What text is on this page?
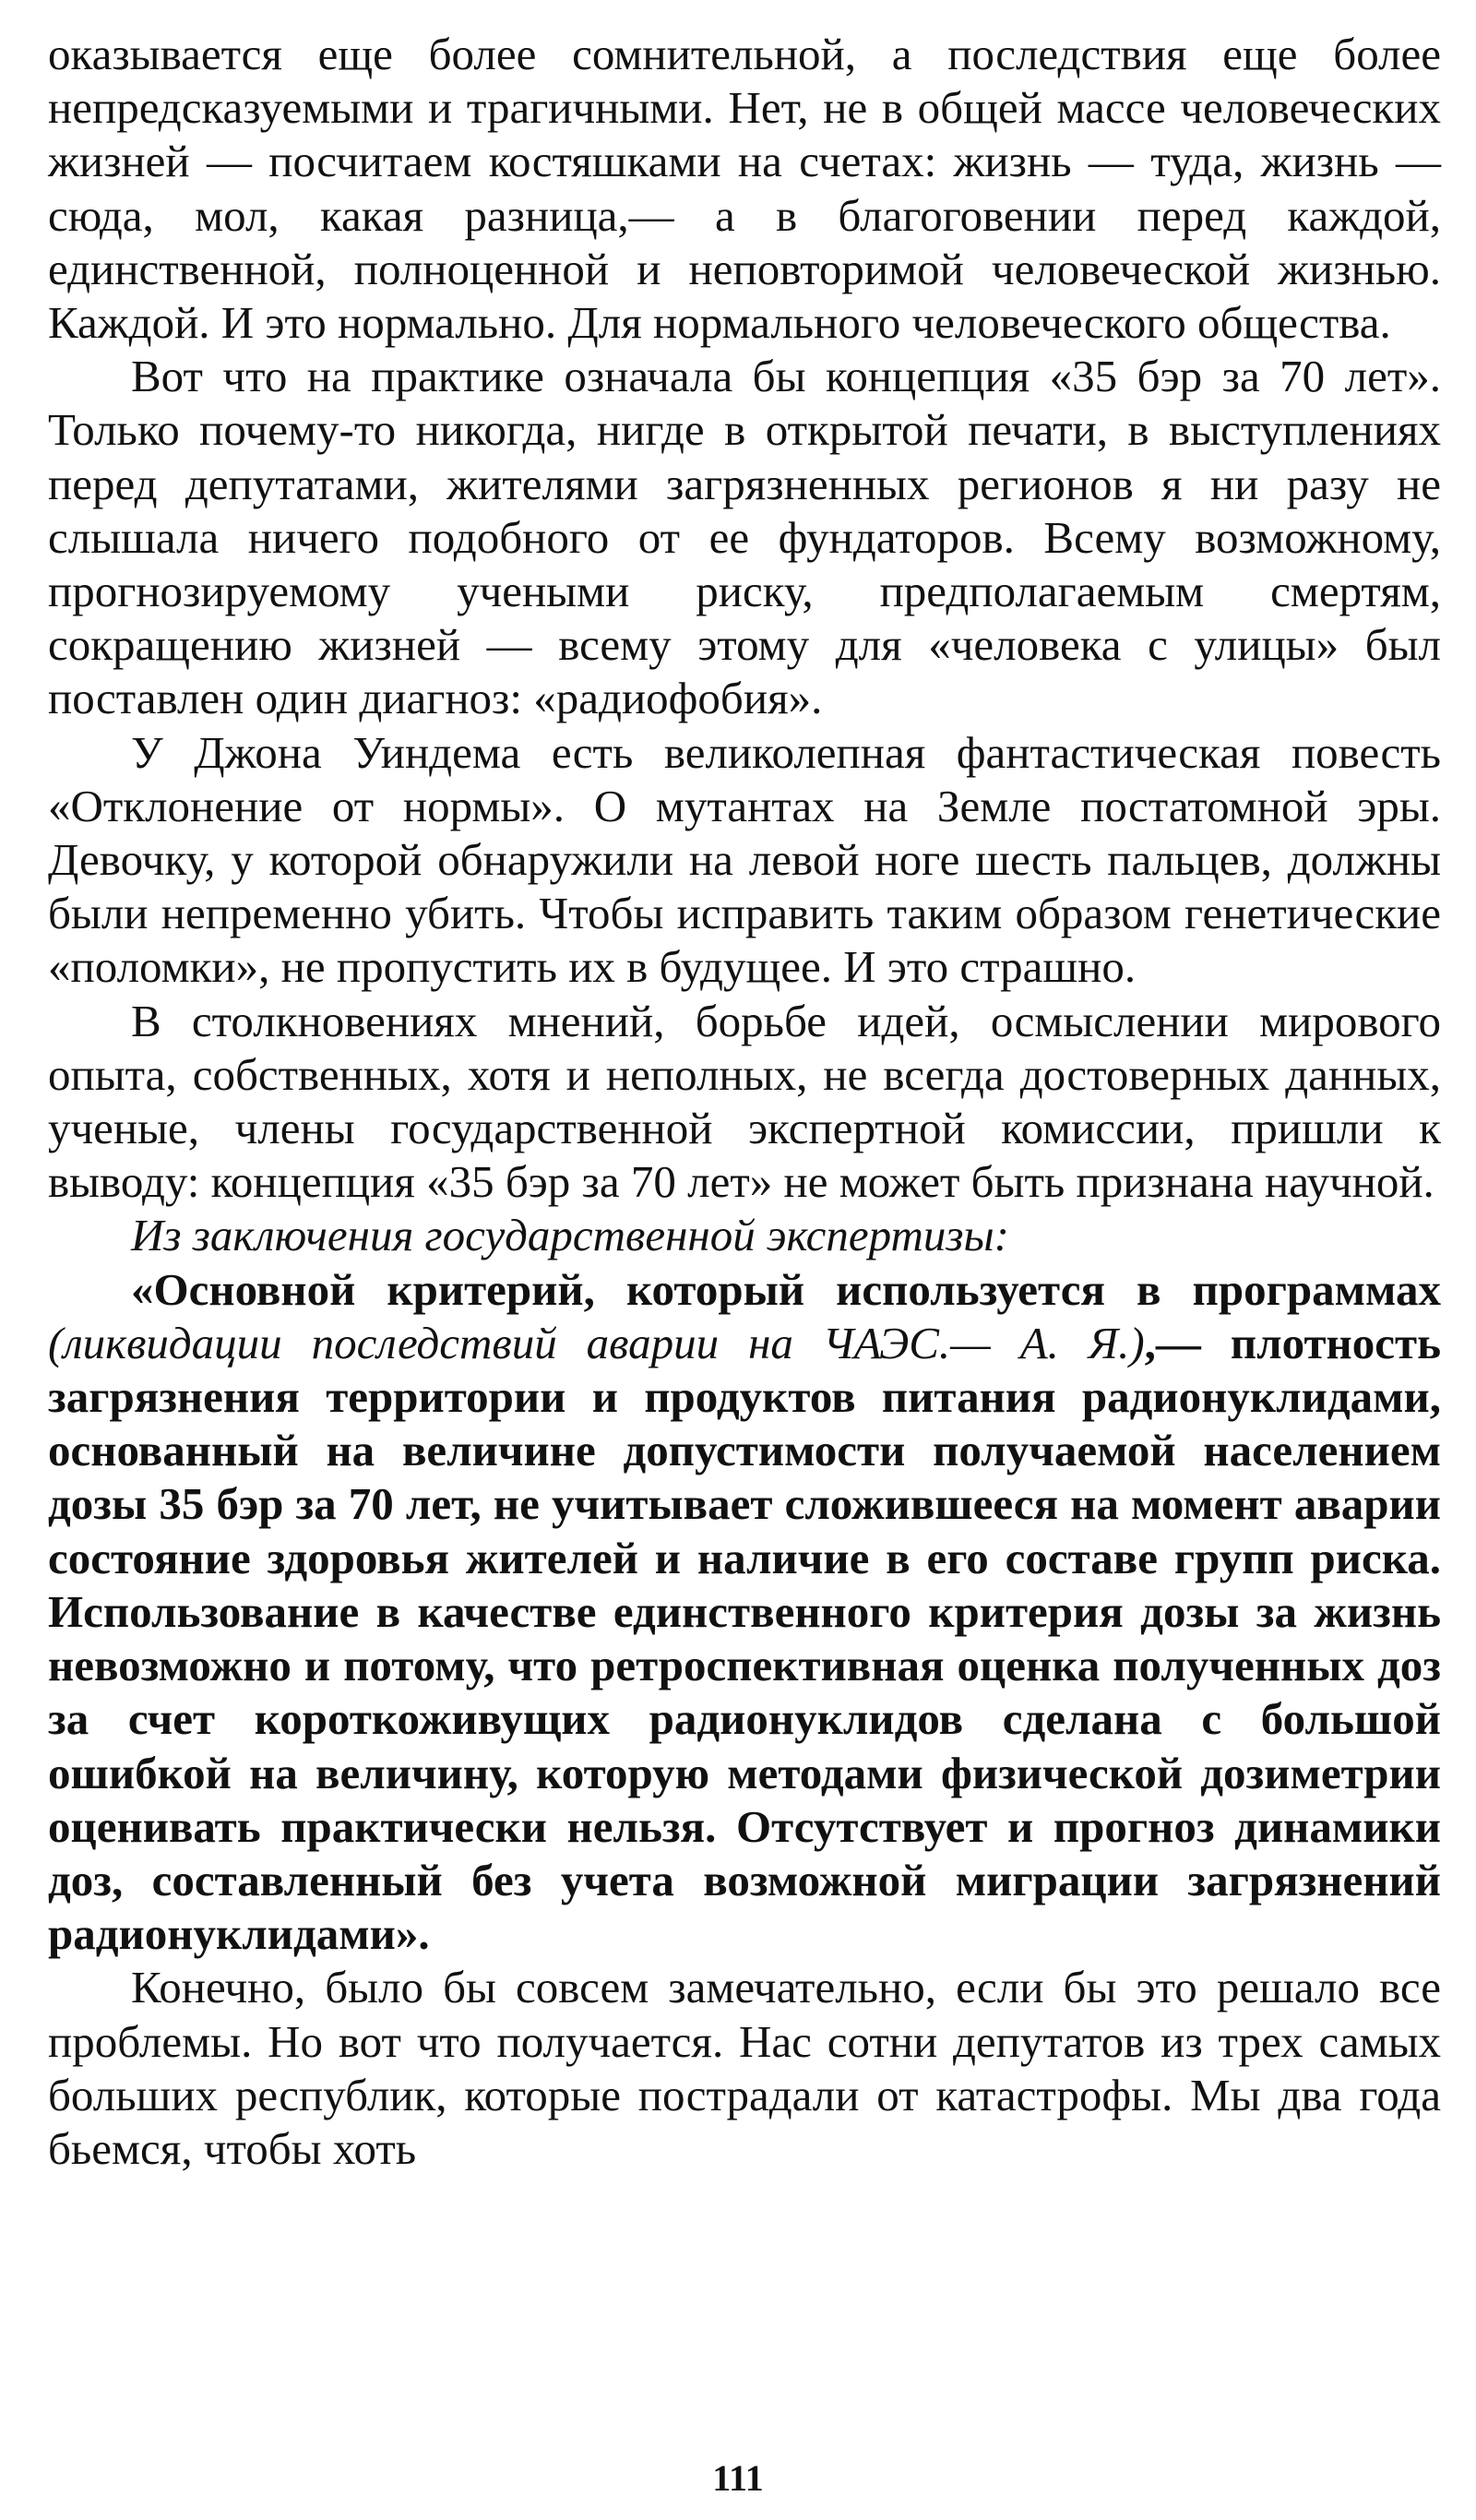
оказывается еще более сомнительной, а последствия еще более непредсказуемыми и трагичными. Нет, не в общей массе человеческих жизней — посчитаем костяшками на счетах: жизнь — туда, жизнь — сюда, мол, какая разница,— а в благоговении перед каждой, единственной, полноценной и неповторимой человеческой жизнью. Каждой. И это нормально. Для нормального человеческого общества.

Вот что на практике означала бы концепция «35 бэр за 70 лет». Только почему-то никогда, нигде в открытой печати, в выступлениях перед депутатами, жителями загрязненных регионов я ни разу не слышала ничего подобного от ее фундаторов. Всему возможному, прогнозируемому учеными риску, предполагаемым смертям, сокращению жизней — всему этому для «человека с улицы» был поставлен один диагноз: «радиофобия».

У Джона Уиндема есть великолепная фантастическая повесть «Отклонение от нормы». О мутантах на Земле постатомной эры. Девочку, у которой обнаружили на левой ноге шесть пальцев, должны были непременно убить. Чтобы исправить таким образом генетические «поломки», не пропустить их в будущее. И это страшно.

В столкновениях мнений, борьбе идей, осмыслении мирового опыта, собственных, хотя и неполных, не всегда достоверных данных, ученые, члены государственной экспертной комиссии, пришли к выводу: концепция «35 бэр за 70 лет» не может быть признана научной.

Из заключения государственной экспертизы:

«Основной критерий, который используется в программах (ликвидации последствий аварии на ЧАЭС.— А. Я.),— плотность загрязнения территории и продуктов питания радионуклидами, основанный на величине допустимости получаемой населением дозы 35 бэр за 70 лет, не учитывает сложившееся на момент аварии состояние здоровья жителей и наличие в его составе групп риска. Использование в качестве единственного критерия дозы за жизнь невозможно и потому, что ретроспективная оценка полученных доз за счет короткоживущих радионуклидов сделана с большой ошибкой на величину, которую методами физической дозиметрии оценивать практически нельзя. Отсутствует и прогноз динамики доз, составленный без учета возможной миграции загрязнений радионуклидами».

Конечно, было бы совсем замечательно, если бы это решало все проблемы. Но вот что получается. Нас сотни депутатов из трех самых больших республик, которые пострадали от катастрофы. Мы два года бьемся, чтобы хоть

111
